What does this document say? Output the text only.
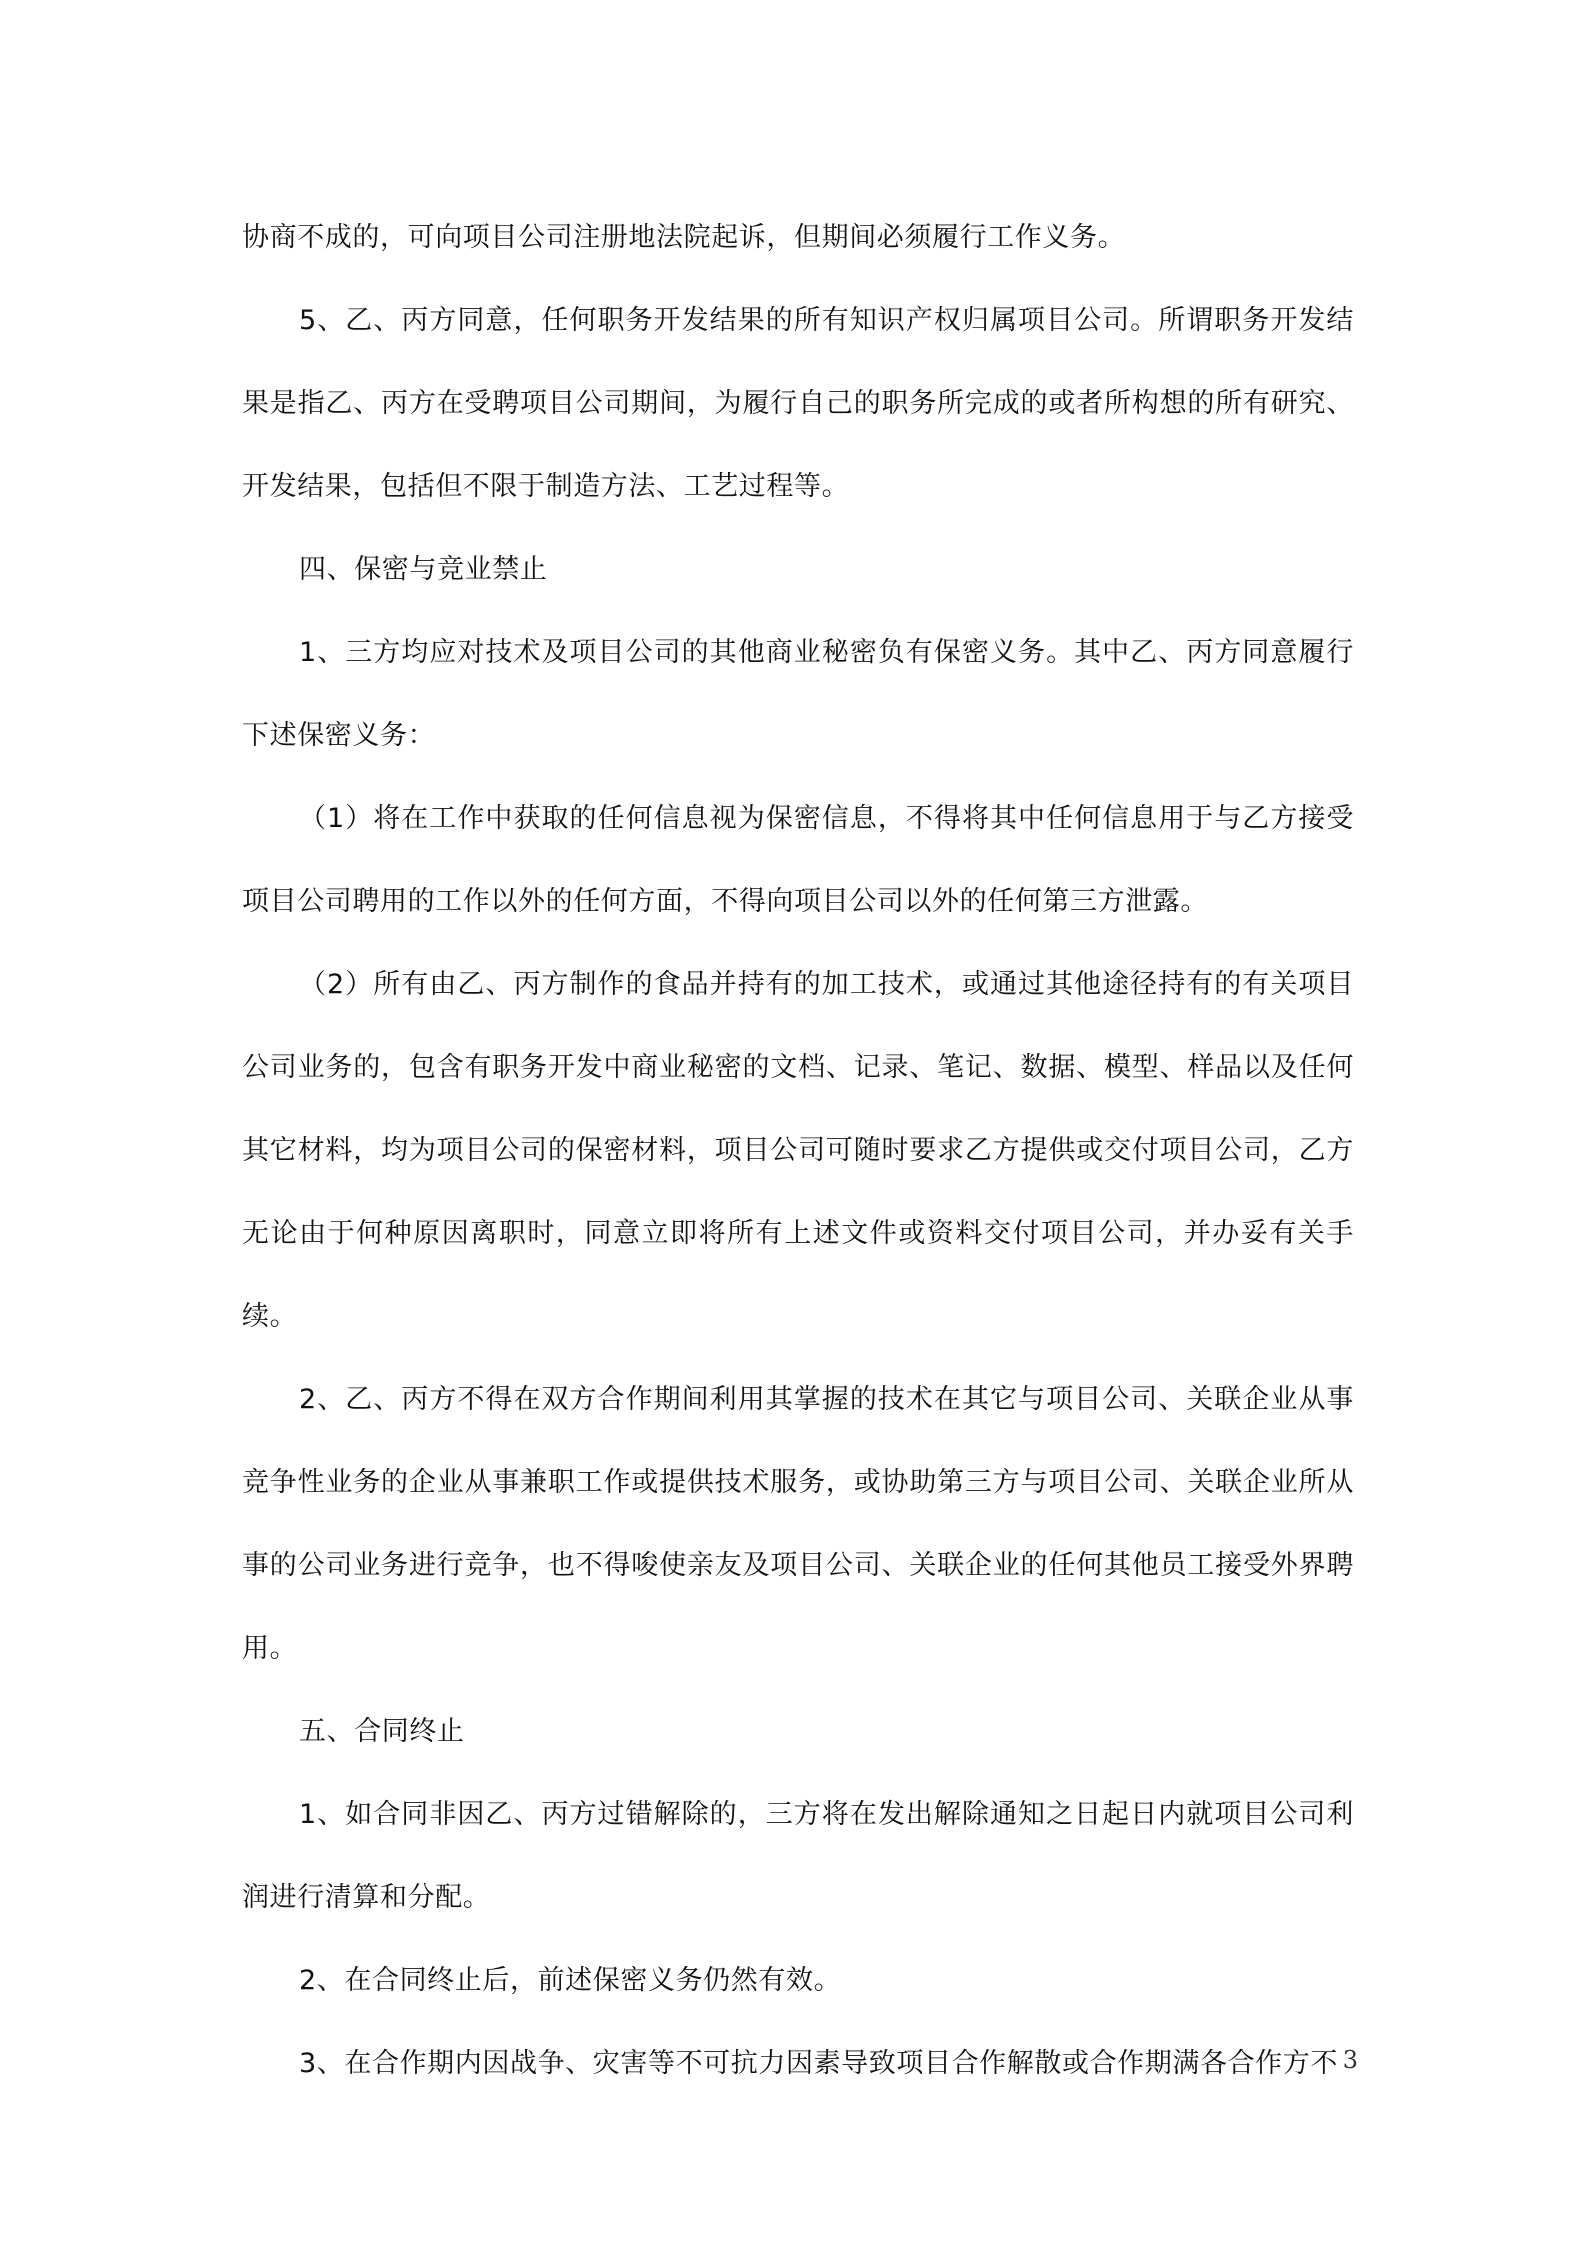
协商不成的，可向项目公司注册地法院起诉，但期间必须履行工作义务。

5、乙、丙方同意，任何职务开发结果的所有知识产权归属项目公司。所谓职务开发结果是指乙、丙方在受聘项目公司期间，为履行自己的职务所完成的或者所构想的所有研究、开发结果，包括但不限于制造方法、工艺过程等。

四、保密与竞业禁止

1、三方均应对技术及项目公司的其他商业秘密负有保密义务。其中乙、丙方同意履行下述保密义务：

（1）将在工作中获取的任何信息视为保密信息，不得将其中任何信息用于与乙方接受项目公司聘用的工作以外的任何方面，不得向项目公司以外的任何第三方泄露。

（2）所有由乙、丙方制作的食品并持有的加工技术，或通过其他途径持有的有关项目公司业务的，包含有职务开发中商业秘密的文档、记录、笔记、数据、模型、样品以及任何其它材料，均为项目公司的保密材料，项目公司可随时要求乙方提供或交付项目公司，乙方无论由于何种原因离职时，同意立即将所有上述文件或资料交付项目公司，并办妥有关手续。

2、乙、丙方不得在双方合作期间利用其掌握的技术在其它与项目公司、关联企业从事竞争性业务的企业从事兼职工作或提供技术服务，或协助第三方与项目公司、关联企业所从事的公司业务进行竞争，也不得唆使亲友及项目公司、关联企业的任何其他员工接受外界聘用。

五、合同终止

1、如合同非因乙、丙方过错解除的，三方将在发出解除通知之日起日内就项目公司利润进行清算和分配。

2、在合同终止后，前述保密义务仍然有效。

3、在合作期内因战争、灾害等不可抗力因素导致项目合作解散或合作期满各合作方不 3
